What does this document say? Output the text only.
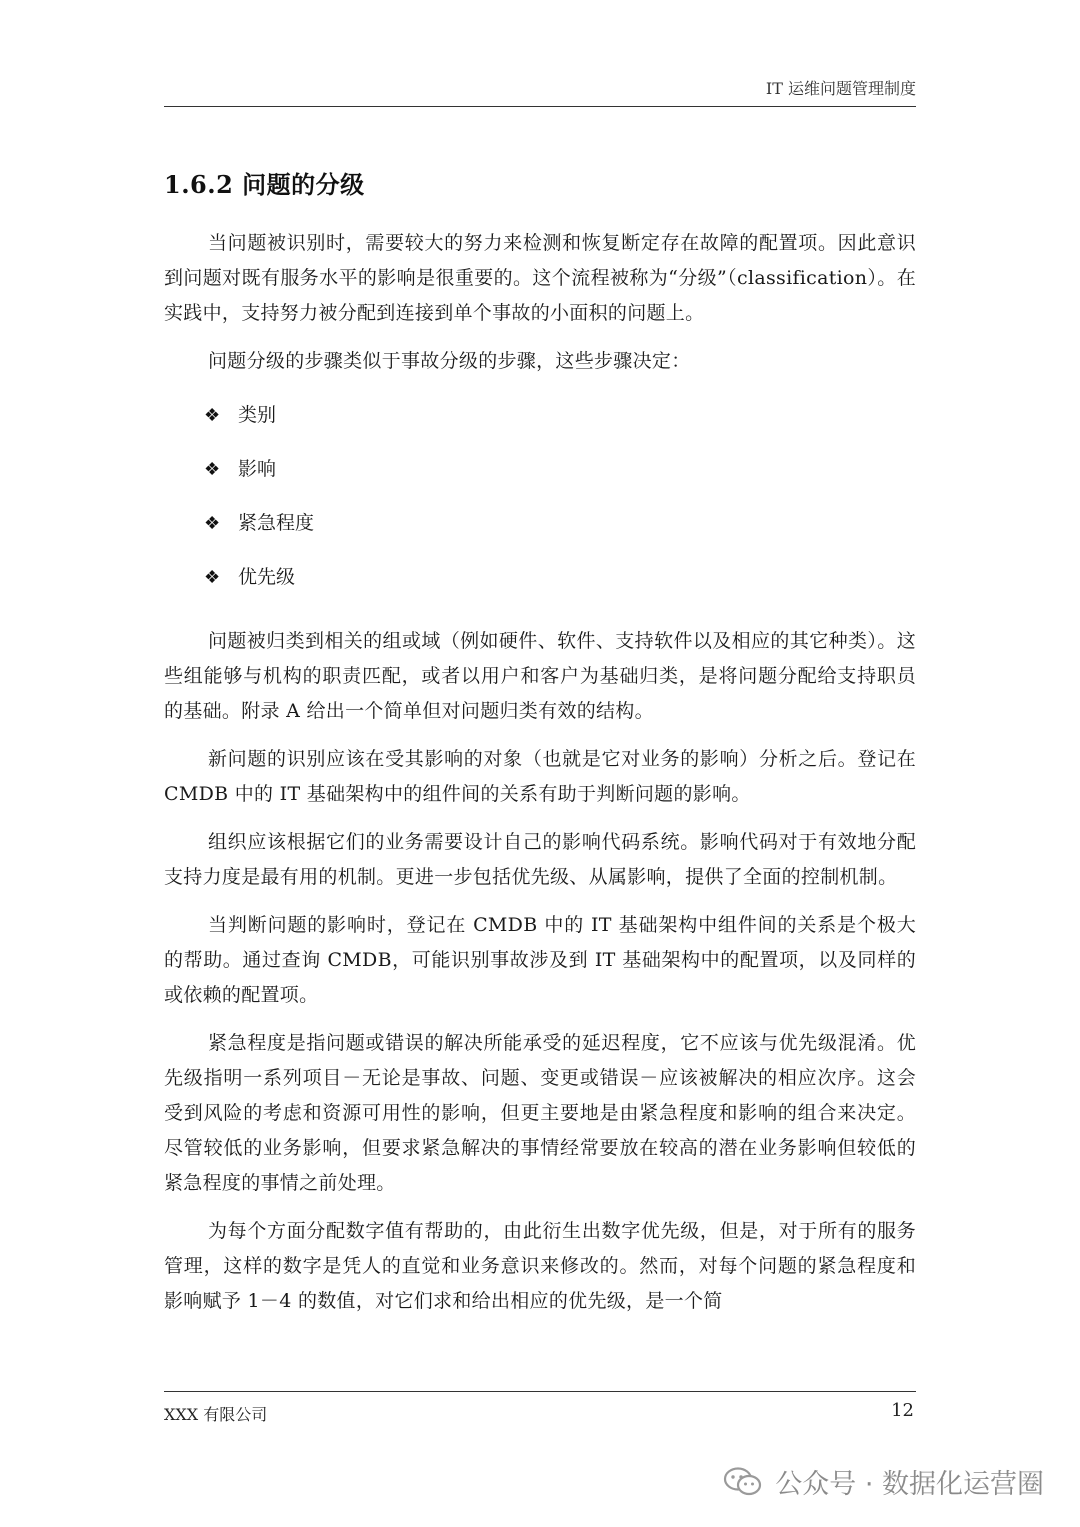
IT 运维问题管理制度
1.6.2 问题的分级

当问题被识别时，需要较大的努力来检测和恢复断定存在故障的配置项。因此意识到问题对既有服务水平的影响是很重要的。这个流程被称为“分级”（classification）。在实践中，支持努力被分配到连接到单个事故的小面积的问题上。

问题分级的步骤类似于事故分级的步骤，这些步骤决定：

❖ 类别
❖ 影响
❖ 紧急程度
❖ 优先级

问题被归类到相关的组或域（例如硬件、软件、支持软件以及相应的其它种类）。这些组能够与机构的职责匹配，或者以用户和客户为基础归类，是将问题分配给支持职员的基础。附录 A 给出一个简单但对问题归类有效的结构。

新问题的识别应该在受其影响的对象（也就是它对业务的影响）分析之后。登记在 CMDB 中的 IT 基础架构中的组件间的关系有助于判断问题的影响。

组织应该根据它们的业务需要设计自己的影响代码系统。影响代码对于有效地分配支持力度是最有用的机制。更进一步包括优先级、从属影响，提供了全面的控制机制。

当判断问题的影响时，登记在 CMDB 中的 IT 基础架构中组件间的关系是个极大的帮助。通过查询 CMDB，可能识别事故涉及到 IT 基础架构中的配置项，以及同样的或依赖的配置项。

紧急程度是指问题或错误的解决所能承受的延迟程度，它不应该与优先级混淆。优先级指明一系列项目－无论是事故、问题、变更或错误－应该被解决的相应次序。这会受到风险的考虑和资源可用性的影响，但更主要地是由紧急程度和影响的组合来决定。尽管较低的业务影响，但要求紧急解决的事情经常要放在较高的潜在业务影响但较低的紧急程度的事情之前处理。

为每个方面分配数字值有帮助的，由此衍生出数字优先级，但是，对于所有的服务管理，这样的数字是凭人的直觉和业务意识来修改的。然而，对每个问题的紧急程度和影响赋予 1－4 的数值，对它们求和给出相应的优先级，是一个简

XXX 有限公司	12
公众号 · 数据化运营圈
